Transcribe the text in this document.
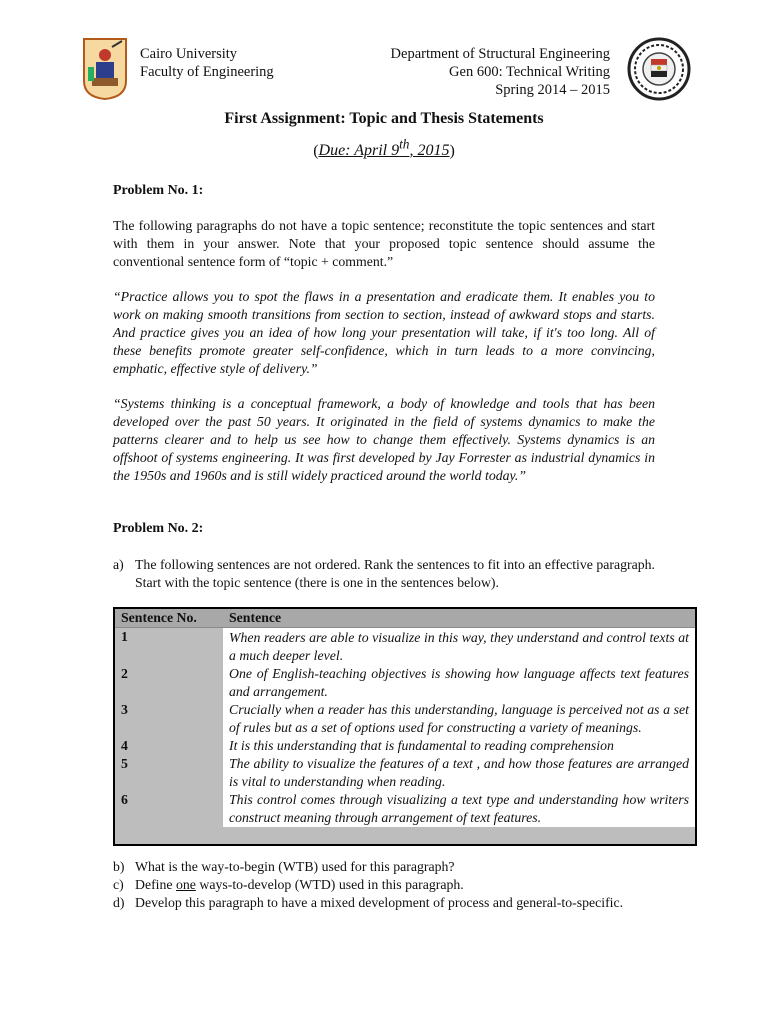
Cairo University
Faculty of Engineering
Department of Structural Engineering
Gen 600: Technical Writing
Spring 2014 – 2015
First Assignment: Topic and Thesis Statements
(Due: April 9th, 2015)
Problem No. 1:
The following paragraphs do not have a topic sentence; reconstitute the topic sentences and start with them in your answer. Note that your proposed topic sentence should assume the conventional sentence form of “topic + comment.”
“Practice allows you to spot the flaws in a presentation and eradicate them. It enables you to work on making smooth transitions from section to section, instead of awkward stops and starts. And practice gives you an idea of how long your presentation will take, if it's too long. All of these benefits promote greater self-confidence, which in turn leads to a more convincing, emphatic, effective style of delivery.”
“Systems thinking is a conceptual framework, a body of knowledge and tools that has been developed over the past 50 years. It originated in the field of systems dynamics to make the patterns clearer and to help us see how to change them effectively. Systems dynamics is an offshoot of systems engineering. It was first developed by Jay Forrester as industrial dynamics in the 1950s and 1960s and is still widely practiced around the world today.”
Problem No. 2:
a) The following sentences are not ordered. Rank the sentences to fit into an effective paragraph. Start with the topic sentence (there is one in the sentences below).
Sentence No.	Sentence
1	When readers are able to visualize in this way, they understand and control texts at a much deeper level.
2	One of English-teaching objectives is showing how language affects text features and arrangement.
3	Crucially when a reader has this understanding, language is perceived not as a set of rules but as a set of options used for constructing a variety of meanings.
4	It is this understanding that is fundamental to reading comprehension
5	The ability to visualize the features of a text , and how those features are arranged is vital to understanding when reading.
6	This control comes through visualizing a text type and understanding how writers construct meaning through arrangement of text features.
b) What is the way-to-begin (WTB) used for this paragraph?
c) Define one ways-to-develop (WTD) used in this paragraph.
d) Develop this paragraph to have a mixed development of process and general-to-specific.
